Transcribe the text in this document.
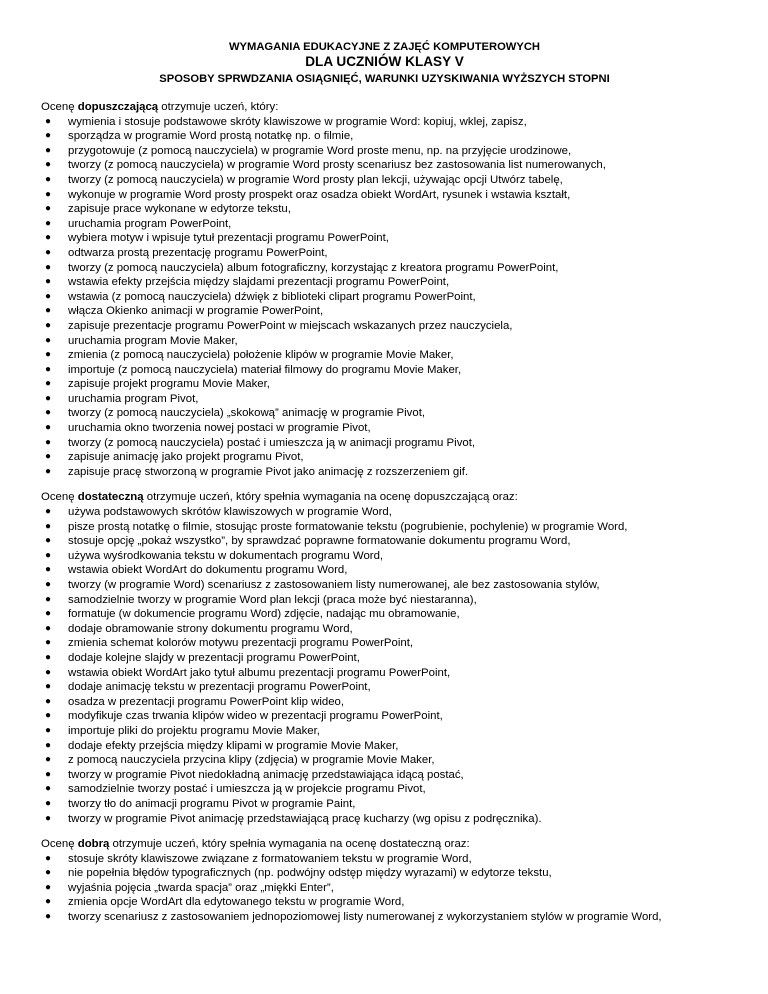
WYMAGANIA EDUKACYJNE Z ZAJĘĆ KOMPUTEROWYCH

DLA UCZNIÓW KLASY V

SPOSOBY SPRWDZANIA OSIĄGNIĘĆ, WARUNKI UZYSKIWANIA WYŻSZYCH STOPNI

Ocenę dopuszczającą otrzymuje uczeń, który:

● wymienia i stosuje podstawowe skróty klawiszowe w programie Word: kopiuj, wklej, zapisz,
● sporządza w programie Word prostą notatkę np. o filmie,
● przygotowuje (z pomocą nauczyciela) w programie Word proste menu, np. na przyjęcie urodzinowe,
● tworzy (z pomocą nauczyciela) w programie Word prosty scenariusz bez zastosowania list numerowanych,
● tworzy (z pomocą nauczyciela) w programie Word prosty plan lekcji, używając opcji Utwórz tabelę,
● wykonuje w programie Word prosty prospekt oraz osadza obiekt WordArt, rysunek i wstawia kształt,
● zapisuje prace wykonane w edytorze tekstu,
● uruchamia program PowerPoint,
● wybiera motyw i wpisuje tytuł prezentacji programu PowerPoint,
● odtwarza prostą prezentację programu PowerPoint,
● tworzy (z pomocą nauczyciela) album fotograficzny, korzystając z kreatora programu PowerPoint,
● wstawia efekty przejścia między slajdami prezentacji programu PowerPoint,
● wstawia (z pomocą nauczyciela) dźwięk z biblioteki clipart programu PowerPoint,
● włącza Okienko animacji w programie PowerPoint,
● zapisuje prezentacje programu PowerPoint w miejscach wskazanych przez nauczyciela,
● uruchamia program Movie Maker,
● zmienia (z pomocą nauczyciela) położenie klipów w programie Movie Maker,
● importuje (z pomocą nauczyciela) materiał filmowy do programu Movie Maker,
● zapisuje projekt programu Movie Maker,
● uruchamia program Pivot,
● tworzy (z pomocą nauczyciela) „skokową” animację w programie Pivot,
● uruchamia okno tworzenia nowej postaci w programie Pivot,
● tworzy (z pomocą nauczyciela) postać i umieszcza ją w animacji programu Pivot,
● zapisuje animację jako projekt programu Pivot,
● zapisuje pracę stworzoną w programie Pivot jako animację z rozszerzeniem gif.

Ocenę dostateczną otrzymuje uczeń, który spełnia wymagania na ocenę dopuszczającą oraz:

● używa podstawowych skrótów klawiszowych w programie Word,
● pisze prostą notatkę o filmie, stosując proste formatowanie tekstu (pogrubienie, pochylenie) w programie Word,
● stosuje opcję „pokaż wszystko”, by sprawdzać poprawne formatowanie dokumentu programu Word,
● używa wyśrodkowania tekstu w dokumentach programu Word,
● wstawia obiekt WordArt do dokumentu programu Word,
● tworzy (w programie Word) scenariusz z zastosowaniem listy numerowanej, ale bez zastosowania stylów,
● samodzielnie tworzy w programie Word plan lekcji (praca może być niestaranna),
● formatuje (w dokumencie programu Word) zdjęcie, nadając mu obramowanie,
● dodaje obramowanie strony dokumentu programu Word,
● zmienia schemat kolorów motywu prezentacji programu PowerPoint,
● dodaje kolejne slajdy w prezentacji programu PowerPoint,
● wstawia obiekt WordArt jako tytuł albumu prezentacji programu PowerPoint,
● dodaje animację tekstu w prezentacji programu PowerPoint,
● osadza w prezentacji programu PowerPoint klip wideo,
● modyfikuje czas trwania klipów wideo w prezentacji programu PowerPoint,
● importuje pliki do projektu programu Movie Maker,
● dodaje efekty przejścia między klipami w programie Movie Maker,
● z pomocą nauczyciela przycina klipy (zdjęcia) w programie Movie Maker,
● tworzy w programie Pivot niedokładną animację przedstawiająca idącą postać,
● samodzielnie tworzy postać i umieszcza ją w projekcie programu Pivot,
● tworzy tło do animacji programu Pivot w programie Paint,
● tworzy w programie Pivot animację przedstawiającą pracę kucharzy (wg opisu z podręcznika).

Ocenę dobrą otrzymuje uczeń, który spełnia wymagania na ocenę dostateczną oraz:

● stosuje skróty klawiszowe związane z formatowaniem tekstu w programie Word,
● nie popełnia błędów typograficznych (np. podwójny odstęp między wyrazami) w edytorze tekstu,
● wyjaśnia pojęcia „twarda spacja” oraz „miękki Enter”,
● zmienia opcje WordArt dla edytowanego tekstu w programie Word,
● tworzy scenariusz z zastosowaniem jednopoziomowej listy numerowanej z wykorzystaniem stylów w programie Word,
